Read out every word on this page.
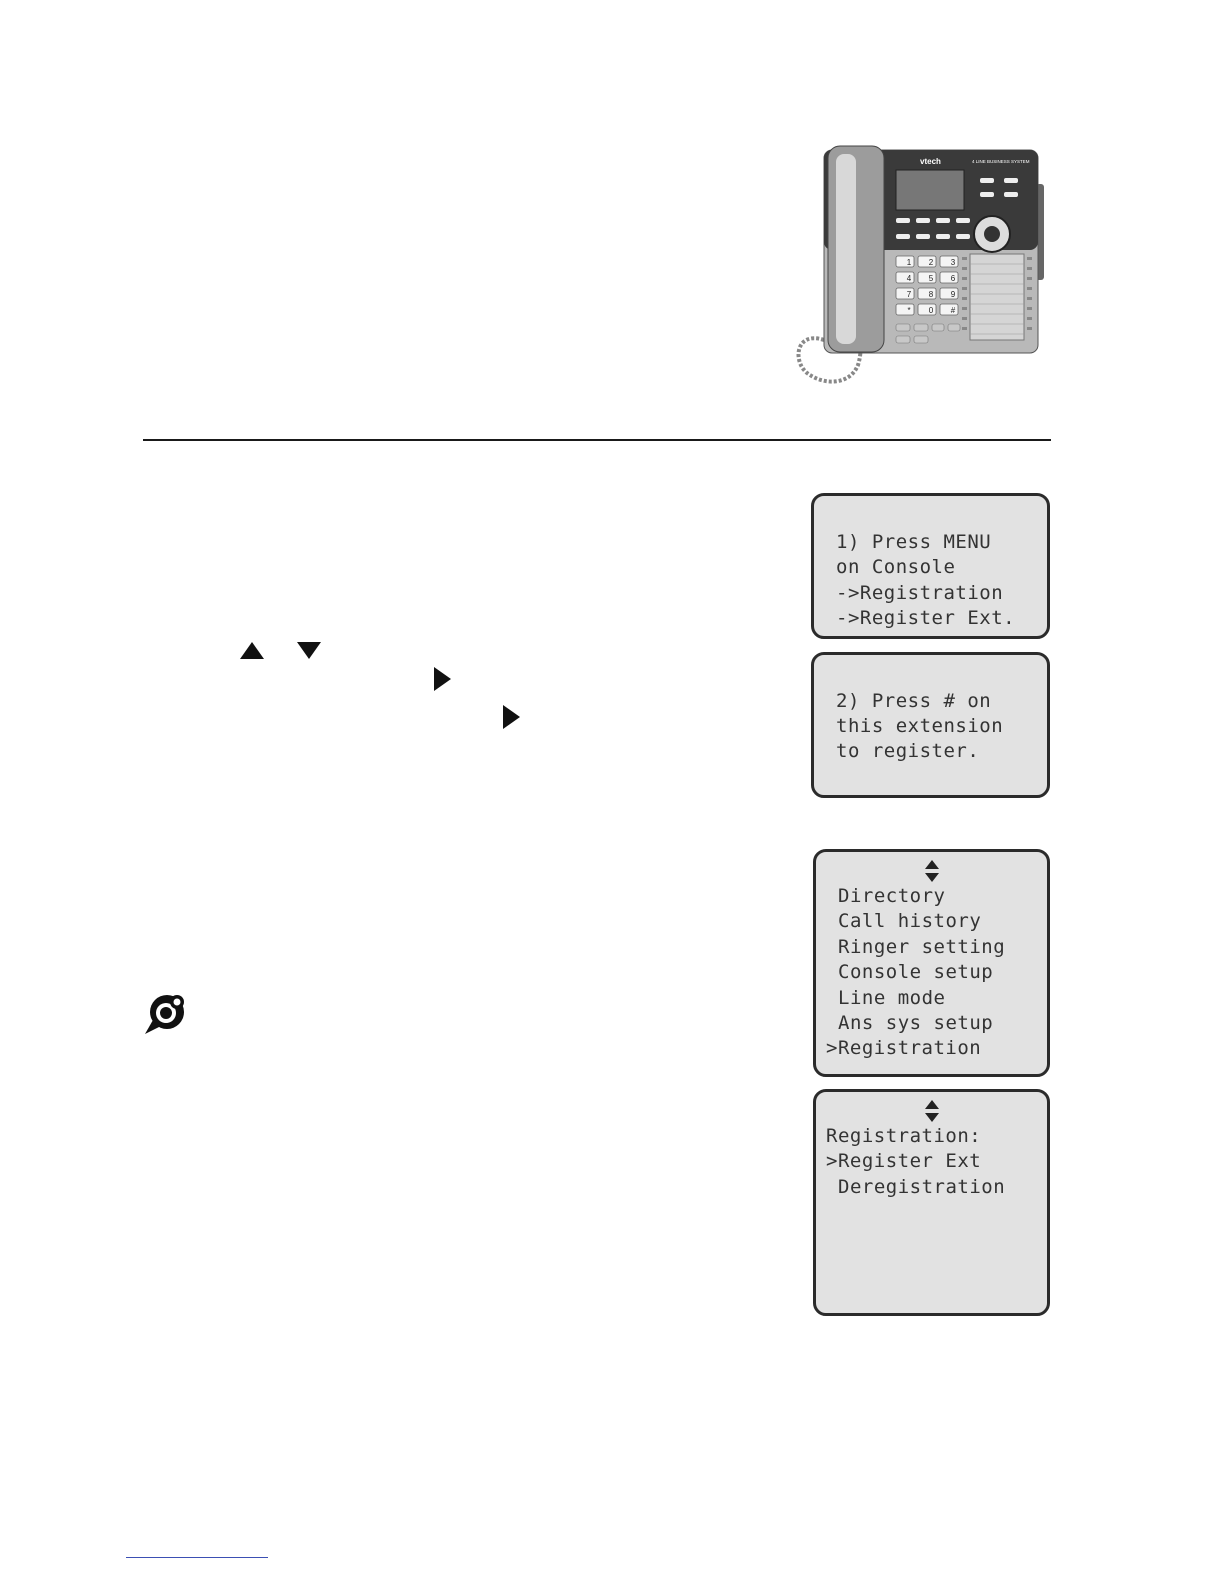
vtech	4 LINE BUSINESS SYSTEM
1 2 3
4 5 6
7 8 9
* 0 #
1) Press MENU
on Console
->Registration
->Register Ext.
2) Press # on
this extension
to register.
Directory
Call history
Ringer setting
Console setup
Line mode
Ans sys setup
>Registration
Registration:
>Register Ext
Deregistration
